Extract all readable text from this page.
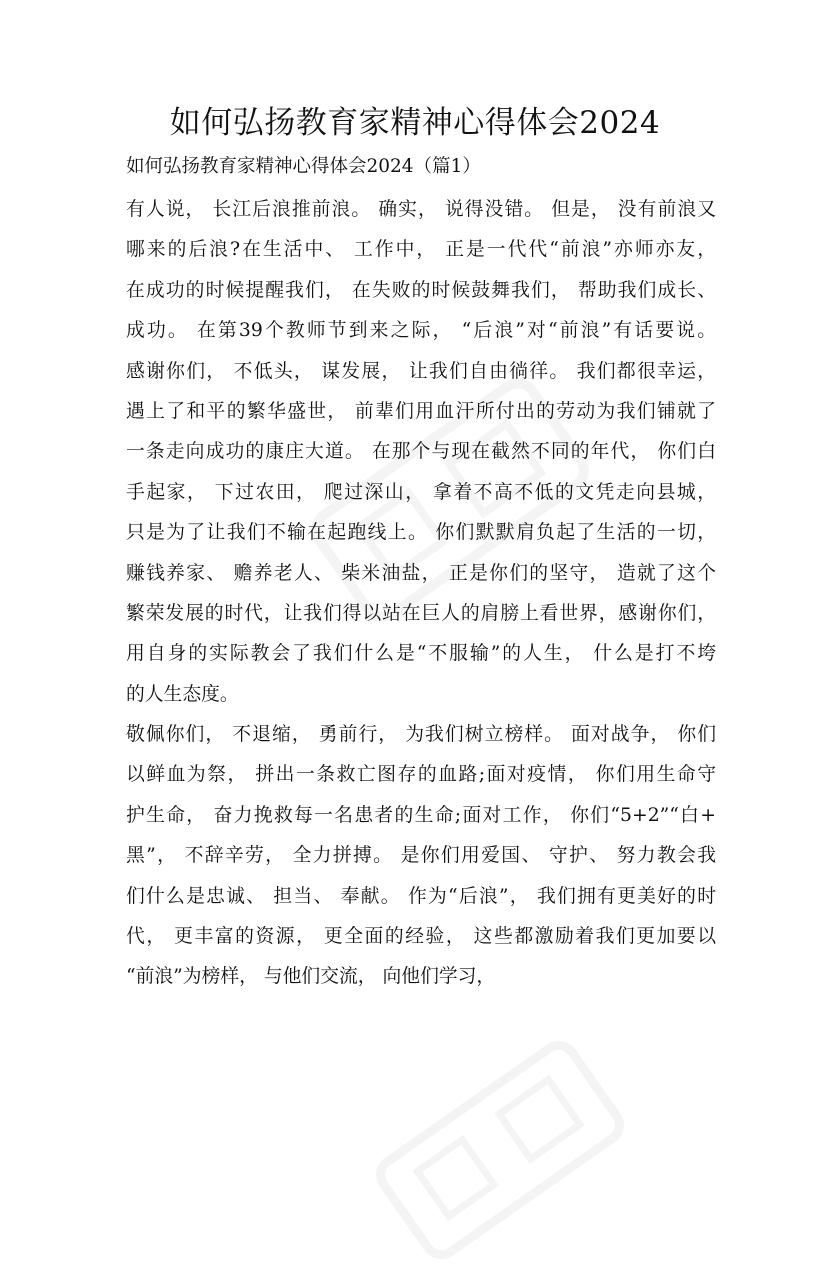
如何弘扬教育家精神心得体会2024

如何弘扬教育家精神心得体会2024（篇1）

有人说， 长江后浪推前浪。 确实， 说得没错。 但是， 没有前浪又
哪来的后浪?在生活中、 工作中， 正是一代代“前浪”亦师亦友，
在成功的时候提醒我们， 在失败的时候鼓舞我们， 帮助我们成长、
成功。 在第39个教师节到来之际， “后浪”对“前浪”有话要说。
感谢你们， 不低头， 谋发展， 让我们自由徜徉。 我们都很幸运，
遇上了和平的繁华盛世， 前辈们用血汗所付出的劳动为我们铺就了
一条走向成功的康庄大道。 在那个与现在截然不同的年代， 你们白
手起家， 下过农田， 爬过深山， 拿着不高不低的文凭走向县城，
只是为了让我们不输在起跑线上。 你们默默肩负起了生活的一切，
赚钱养家、 赡养老人、 柴米油盐， 正是你们的坚守， 造就了这个
繁荣发展的时代，让我们得以站在巨人的肩膀上看世界，感谢你们，
用自身的实际教会了我们什么是“不服输”的人生， 什么是打不垮
的人生态度。
敬佩你们， 不退缩， 勇前行， 为我们树立榜样。 面对战争， 你们
以鲜血为祭， 拼出一条救亡图存的血路;面对疫情， 你们用生命守
护生命， 奋力挽救每一名患者的生命;面对工作， 你们“5+2”“白+
黑”， 不辞辛劳， 全力拼搏。 是你们用爱国、 守护、 努力教会我
们什么是忠诚、 担当、 奉献。 作为“后浪”， 我们拥有更美好的时
代， 更丰富的资源， 更全面的经验， 这些都激励着我们更加要以
“前浪”为榜样， 与他们交流， 向他们学习，
